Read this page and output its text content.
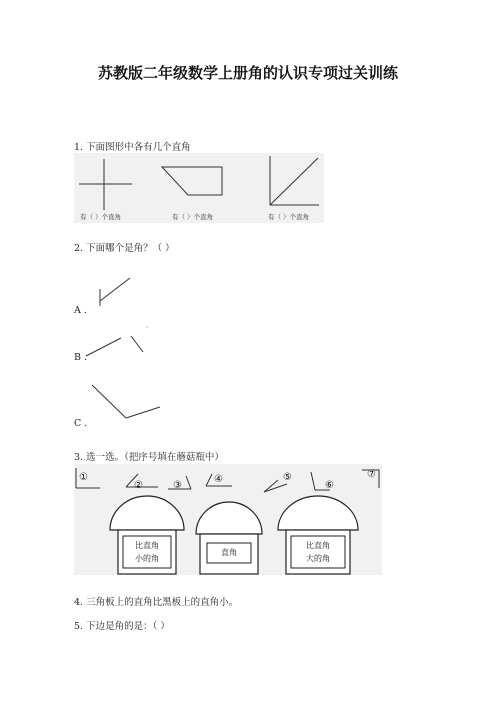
苏教版二年级数学上册角的认识专项过关训练
1. 下面图形中各有几个直角
有（ ）个直角	有（ ）个直角	有（ ）个直角
2. 下面哪个是角？（ ）
A .
B .
C .
3. 选一选。（把序号填在蘑菇瓶中）
①
②	③
④	⑤
⑥
⑦
比直角
小的角
直角
比直角
大的角
4. 三角板上的直角比黑板上的直角小。
5. 下边是角的是：（ ）
